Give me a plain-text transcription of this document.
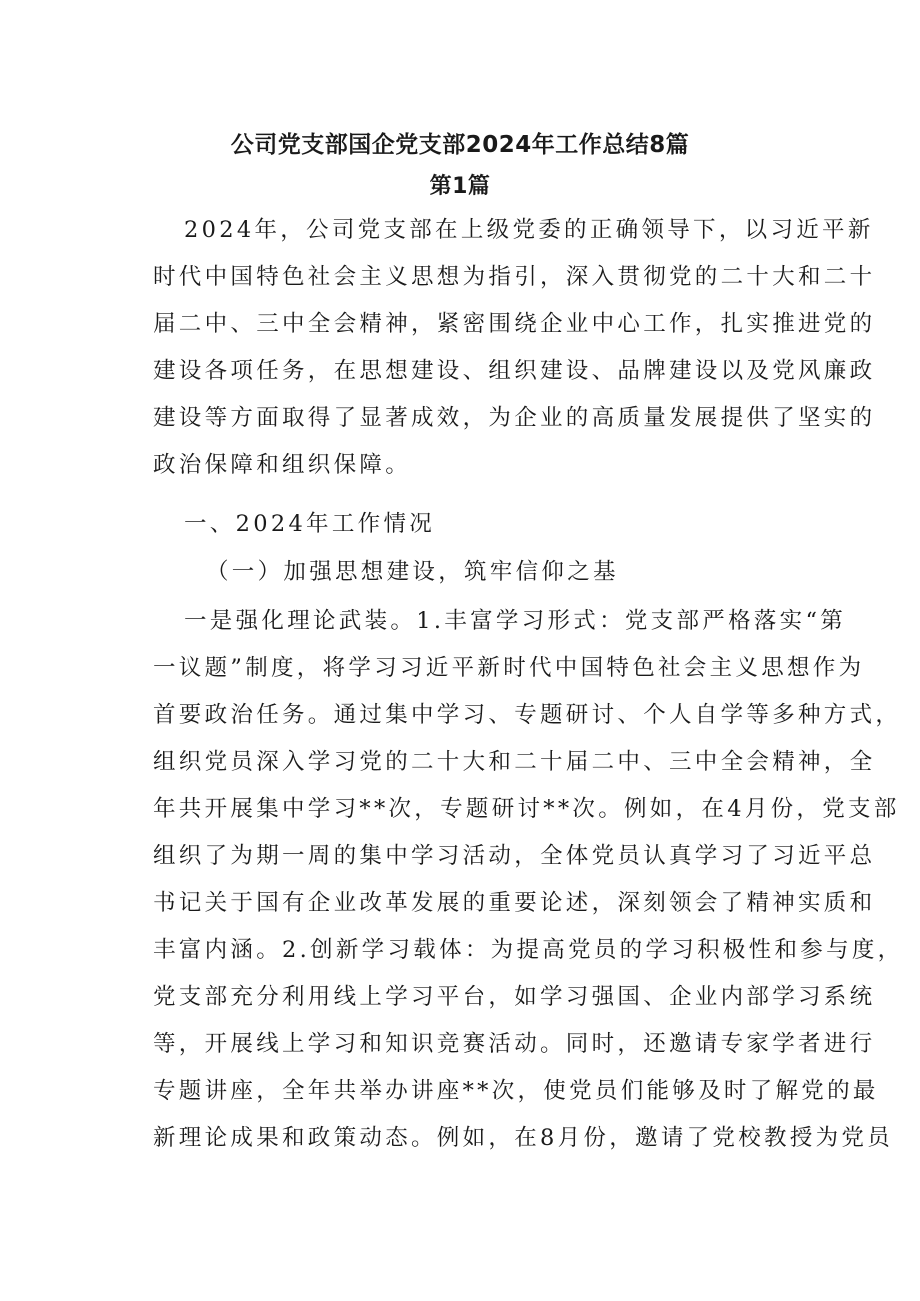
公司党支部国企党支部2024年工作总结8篇
第1篇
2024年，公司党支部在上级党委的正确领导下，以习近平新
时代中国特色社会主义思想为指引，深入贯彻党的二十大和二十
届二中、三中全会精神，紧密围绕企业中心工作，扎实推进党的
建设各项任务，在思想建设、组织建设、品牌建设以及党风廉政
建设等方面取得了显著成效，为企业的高质量发展提供了坚实的
政治保障和组织保障。
一、2024年工作情况
（一）加强思想建设，筑牢信仰之基
一是强化理论武装。1.丰富学习形式：党支部严格落实“第
一议题”制度，将学习习近平新时代中国特色社会主义思想作为
首要政治任务。通过集中学习、专题研讨、个人自学等多种方式，
组织党员深入学习党的二十大和二十届二中、三中全会精神，全
年共开展集中学习**次，专题研讨**次。例如，在4月份，党支部
组织了为期一周的集中学习活动，全体党员认真学习了习近平总
书记关于国有企业改革发展的重要论述，深刻领会了精神实质和
丰富内涵。2.创新学习载体：为提高党员的学习积极性和参与度，
党支部充分利用线上学习平台，如学习强国、企业内部学习系统
等，开展线上学习和知识竞赛活动。同时，还邀请专家学者进行
专题讲座，全年共举办讲座**次，使党员们能够及时了解党的最
新理论成果和政策动态。例如，在8月份，邀请了党校教授为党员
